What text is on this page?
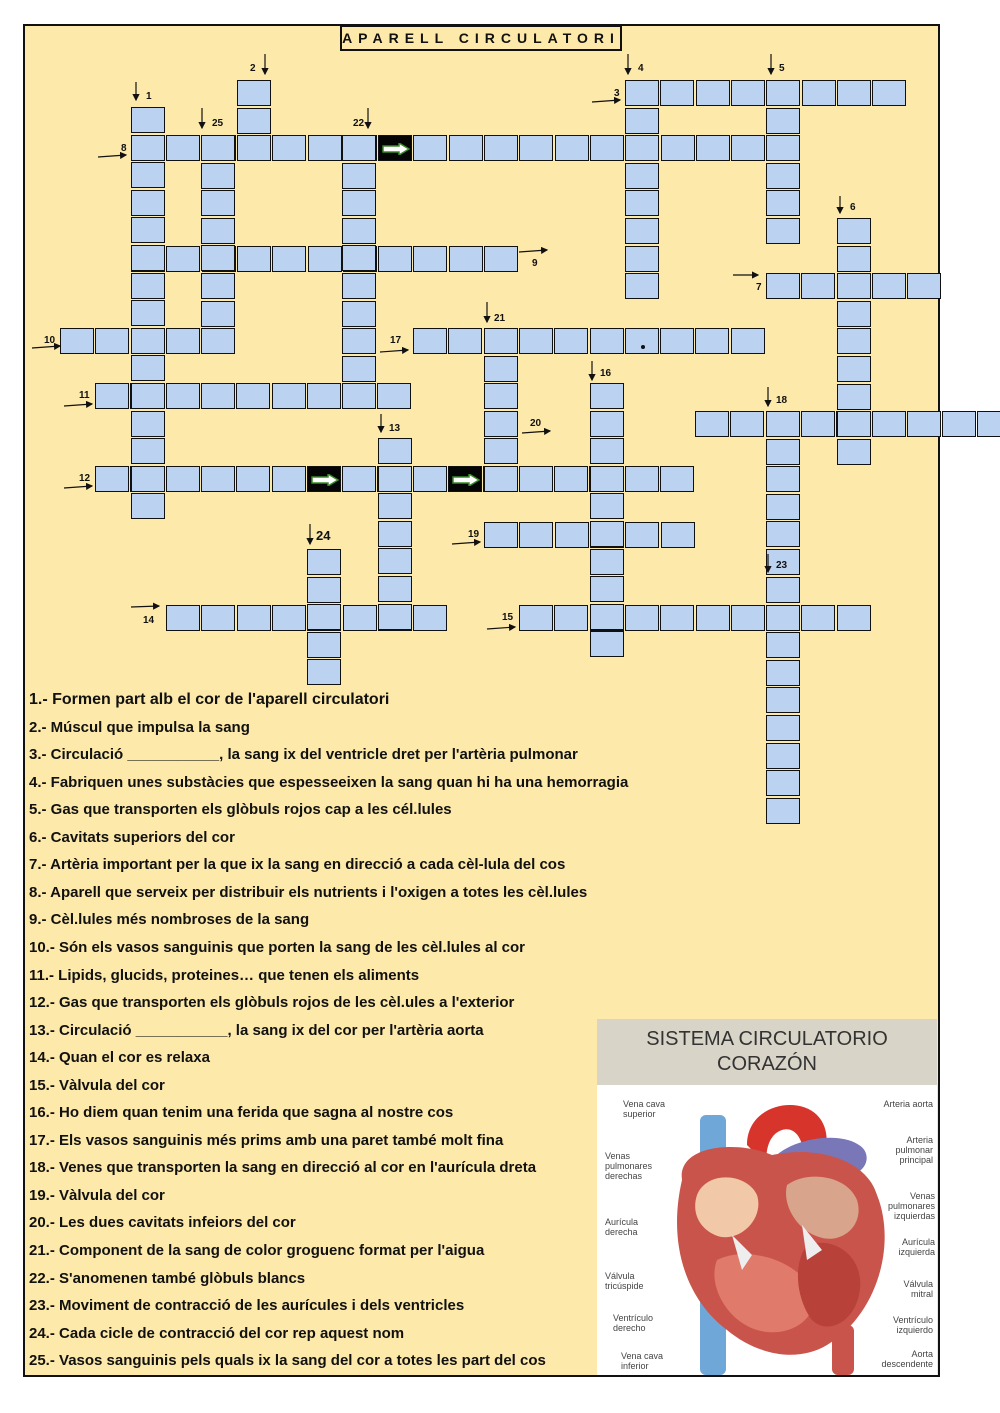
APARELL CIRCULATORI
1
2
3
4	5
6
7
8
9
10
11
12
13
14	15
16
17
18
19
20
21
22
23
24
25
1.- Formen part alb el cor de l'aparell circulatori
2.- Múscul que impulsa la sang
3.- Circulació ___________, la sang ix del ventricle dret per l'artèria pulmonar
4.- Fabriquen unes substàcies que espesseeixen la sang quan hi ha una hemorragia
5.- Gas que transporten els glòbuls rojos cap a les cél.lules
6.- Cavitats superiors del cor
7.- Artèria important per la que ix la sang en direcció a cada cèl-lula del cos
8.- Aparell que serveix per distribuir els nutrients i l'oxigen a totes les cèl.lules
9.- Cèl.lules més nombroses de la sang
10.- Són els vasos sanguinis que porten la sang de les cèl.lules al cor
11.- Lipids, glucids, proteines… que tenen els aliments
12.- Gas que transporten els glòbuls rojos de les cèl.ules a l'exterior
13.- Circulació ___________, la sang ix del cor per l'artèria aorta
14.- Quan el cor es relaxa
15.- Vàlvula del cor
16.- Ho diem quan tenim una ferida que sagna al nostre cos
17.- Els vasos sanguinis més prims amb una paret també molt fina
18.- Venes que transporten la sang en direcció al cor en l'aurícula dreta
19.- Vàlvula del cor
20.- Les dues cavitats infeiors del cor
21.- Component de la sang de color groguenc format per l'aigua
22.- S'anomenen també glòbuls blancs
23.- Moviment de contracció de les aurícules i dels ventricles
24.- Cada cicle de contracció del cor rep aquest nom
25.- Vasos sanguinis pels quals ix la sang del cor a totes les part del cos
SISTEMA CIRCULATORIO
CORAZÓN
Vena cava superior
Arteria aorta
Arteria pulmonar principal
Venas pulmonares derechas
Venas pulmonares izquierdas
Aurícula derecha
Aurícula izquierda
Válvula tricúspide	Válvula mitral
Ventrículo derecho
Ventrículo izquierdo
Vena cava inferior
Aorta descendente
